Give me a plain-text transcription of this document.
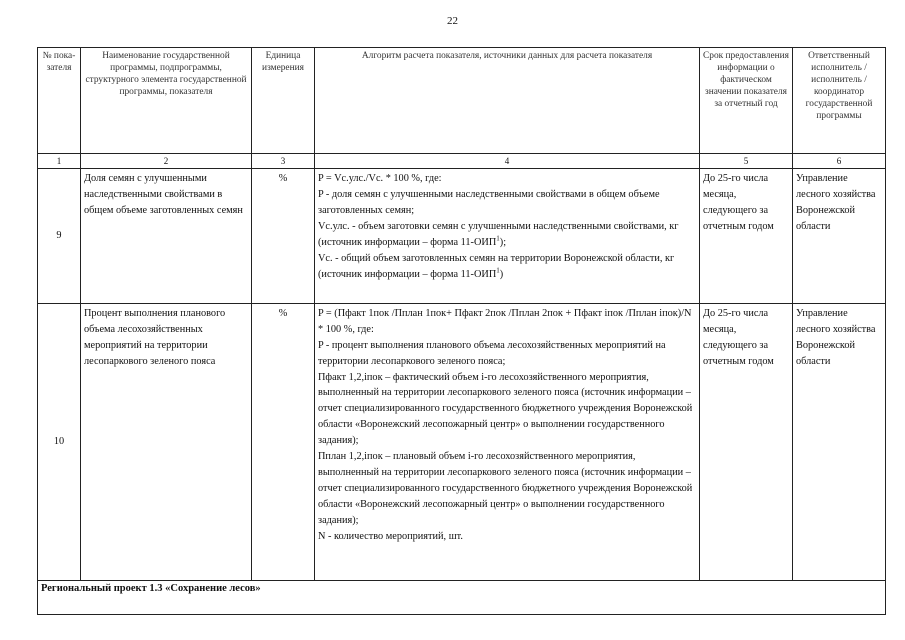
22
№ пока-зателя	Наименование государственной программы, подпрограммы, структурного элемента государственной программы, показателя	Единица измерения	Алгоритм расчета показателя, источники данных для расчета показателя	Срок предоставления информации о фактическом значении показателя за отчетный год	Ответственный исполнитель / исполнитель / координатор государственной программы
1	2	3	4	5	6
9	Доля семян с улучшенными наследственными свойствами в общем объеме заготовленных семян	%	P = Vс.улс./Vс. * 100 %, где:
P - доля семян с улучшенными наследственными свойствами в общем объеме заготовленных семян;
Vс.улс. - объем заготовки семян с улучшенными наследственными свойствами, кг (источник информации – форма 11-ОИП$^1$);
Vс. - общий объем заготовленных семян на территории Воронежской области, кг (источник информации – форма 11-ОИП$^1$)	До 25-го числа месяца, следующего за отчетным годом	Управление лесного хозяйства Воронежской области
10	Процент выполнения планового объема лесохозяйственных мероприятий на территории лесопаркового зеленого пояса	%	P = (Пфакт 1пок /Пплан 1пок+ Пфакт 2пок /Пплан 2пок + Пфакт iпок /Пплан iпок)/N * 100 %, где:
P - процент выполнения планового объема лесохозяйственных мероприятий на территории лесопаркового зеленого пояса;
Пфакт 1,2,iпок – фактический объем i-го лесохозяйственного мероприятия, выполненный на территории лесопаркового зеленого пояса (источник информации – отчет специализированного государственного бюджетного учреждения Воронежской области «Воронежский лесопожарный центр» о выполнении государственного задания);
Пплан 1,2,iпок – плановый объем i-го лесохозяйственного мероприятия, выполненный на территории лесопаркового зеленого пояса (источник информации – отчет специализированного государственного бюджетного учреждения Воронежской области «Воронежский лесопожарный центр» о выполнении государственного задания);
N - количество мероприятий, шт.	До 25-го числа месяца, следующего за отчетным годом	Управление лесного хозяйства Воронежской области
Региональный проект 1.3 «Сохранение лесов»					
